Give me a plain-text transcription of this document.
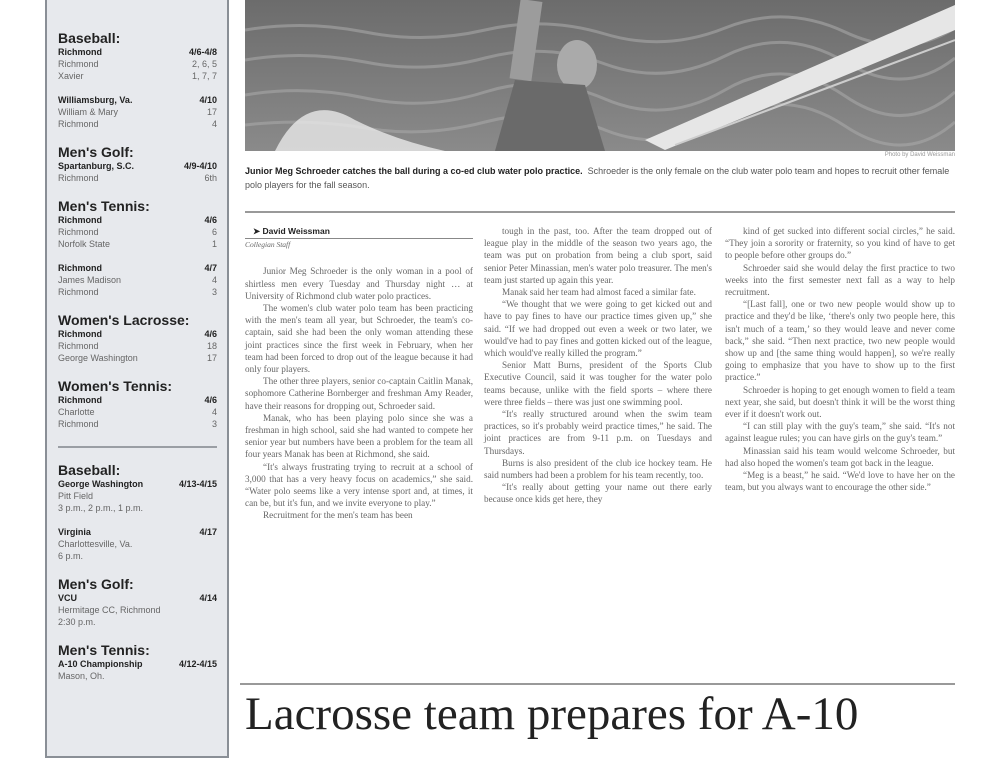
Baseball:
Richmond	4/6-4/8
Richmond	2, 6, 5
Xavier	1, 7, 7
Williamsburg, Va.	4/10
William & Mary	17
Richmond	4
Men's Golf:
Spartanburg, S.C.	4/9-4/10
Richmond	6th
Men's Tennis:
Richmond	4/6
Richmond	6
Norfolk State	1
Richmond	4/7
James Madison	4
Richmond	3
Women's Lacrosse:
Richmond	4/6
Richmond	18
George Washington	17
Women's Tennis:
Richmond	4/6
Charlotte	4
Richmond	3
Baseball:
George Washington	4/13-4/15
Pitt Field
3 p.m., 2 p.m., 1 p.m.
Virginia	4/17
Charlottesville, Va.
6 p.m.
Men's Golf:
VCU	4/14
Hermitage CC, Richmond
2:30 p.m.
Men's Tennis:
A-10 Championship	4/12-4/15
Mason, Oh.
Photo by David Weissman
Junior Meg Schroeder catches the ball during a co-ed club water polo practice. Schroeder is the only female on the club water polo team and hopes to recruit other female polo players for the fall season.

➤ David Weissman

Collegian Staff

Junior Meg Schroeder is the only woman in a pool of shirtless men every Tuesday and Thursday night … at University of Richmond club water polo practices.

The women's club water polo team has been practicing with the men's team all year, but Schroeder, the team's co-captain, said she had been the only woman attending these joint practices since the first week in February, when her team had been forced to drop out of the league because it had only four players.

The other three players, senior co-captain Caitlin Manak, sophomore Catherine Bornberger and freshman Amy Reader, have their reasons for dropping out, Schroeder said.

Manak, who has been playing polo since she was a freshman in high school, said she had wanted to compete her senior year but numbers have been a problem for the team all four years Manak has been at Richmond, she said.

“It's always frustrating trying to recruit at a school of 3,000 that has a very heavy focus on academics,” she said. “Water polo seems like a very intense sport and, at times, it can be, but it's fun, and we invite everyone to play.”

Recruitment for the men's team has been

tough in the past, too. After the team dropped out of league play in the middle of the season two years ago, the team was put on probation from being a club sport, said senior Peter Minassian, men's water polo treasurer. The men's team just started up again this year.

Manak said her team had almost faced a similar fate.

“We thought that we were going to get kicked out and have to pay fines to have our practice times given up,” she said. “If we had dropped out even a week or two later, we would've had to pay fines and gotten kicked out of the league, which would've really killed the program.”

Senior Matt Burns, president of the Sports Club Executive Council, said it was tougher for the water polo teams because, unlike with the field sports – where there were three fields – there was just one swimming pool.

“It's really structured around when the swim team practices, so it's probably weird practice times,” he said. The joint practices are from 9-11 p.m. on Tuesdays and Thursdays.

Burns is also president of the club ice hockey team. He said numbers had been a problem for his team recently, too.

“It's really about getting your name out there early because once kids get here, they

kind of get sucked into different social circles,” he said. “They join a sorority or fraternity, so you kind of have to get to people before other groups do.”

Schroeder said she would delay the first practice to two weeks into the first semester next fall as a way to help recruitment.

“[Last fall], one or two new people would show up to practice and they'd be like, ‘there's only two people here, this isn't much of a team,’ so they would leave and never come back,” she said. “Then next practice, two new people would show up and [the same thing would happen], so we're really going to emphasize that you have to show up to the first practice.”

Schroeder is hoping to get enough women to field a team next year, she said, but doesn't think it will be the worst thing ever if it doesn't work out.

“I can still play with the guy's team,” she said. “It's not against league rules; you can have girls on the guy's team.”

Minassian said his team would welcome Schroeder, but had also hoped the women's team got back in the league.

“Meg is a beast,” he said. “We'd love to have her on the team, but you always want to encourage the other side.”

Lacrosse team prepares for A-10
